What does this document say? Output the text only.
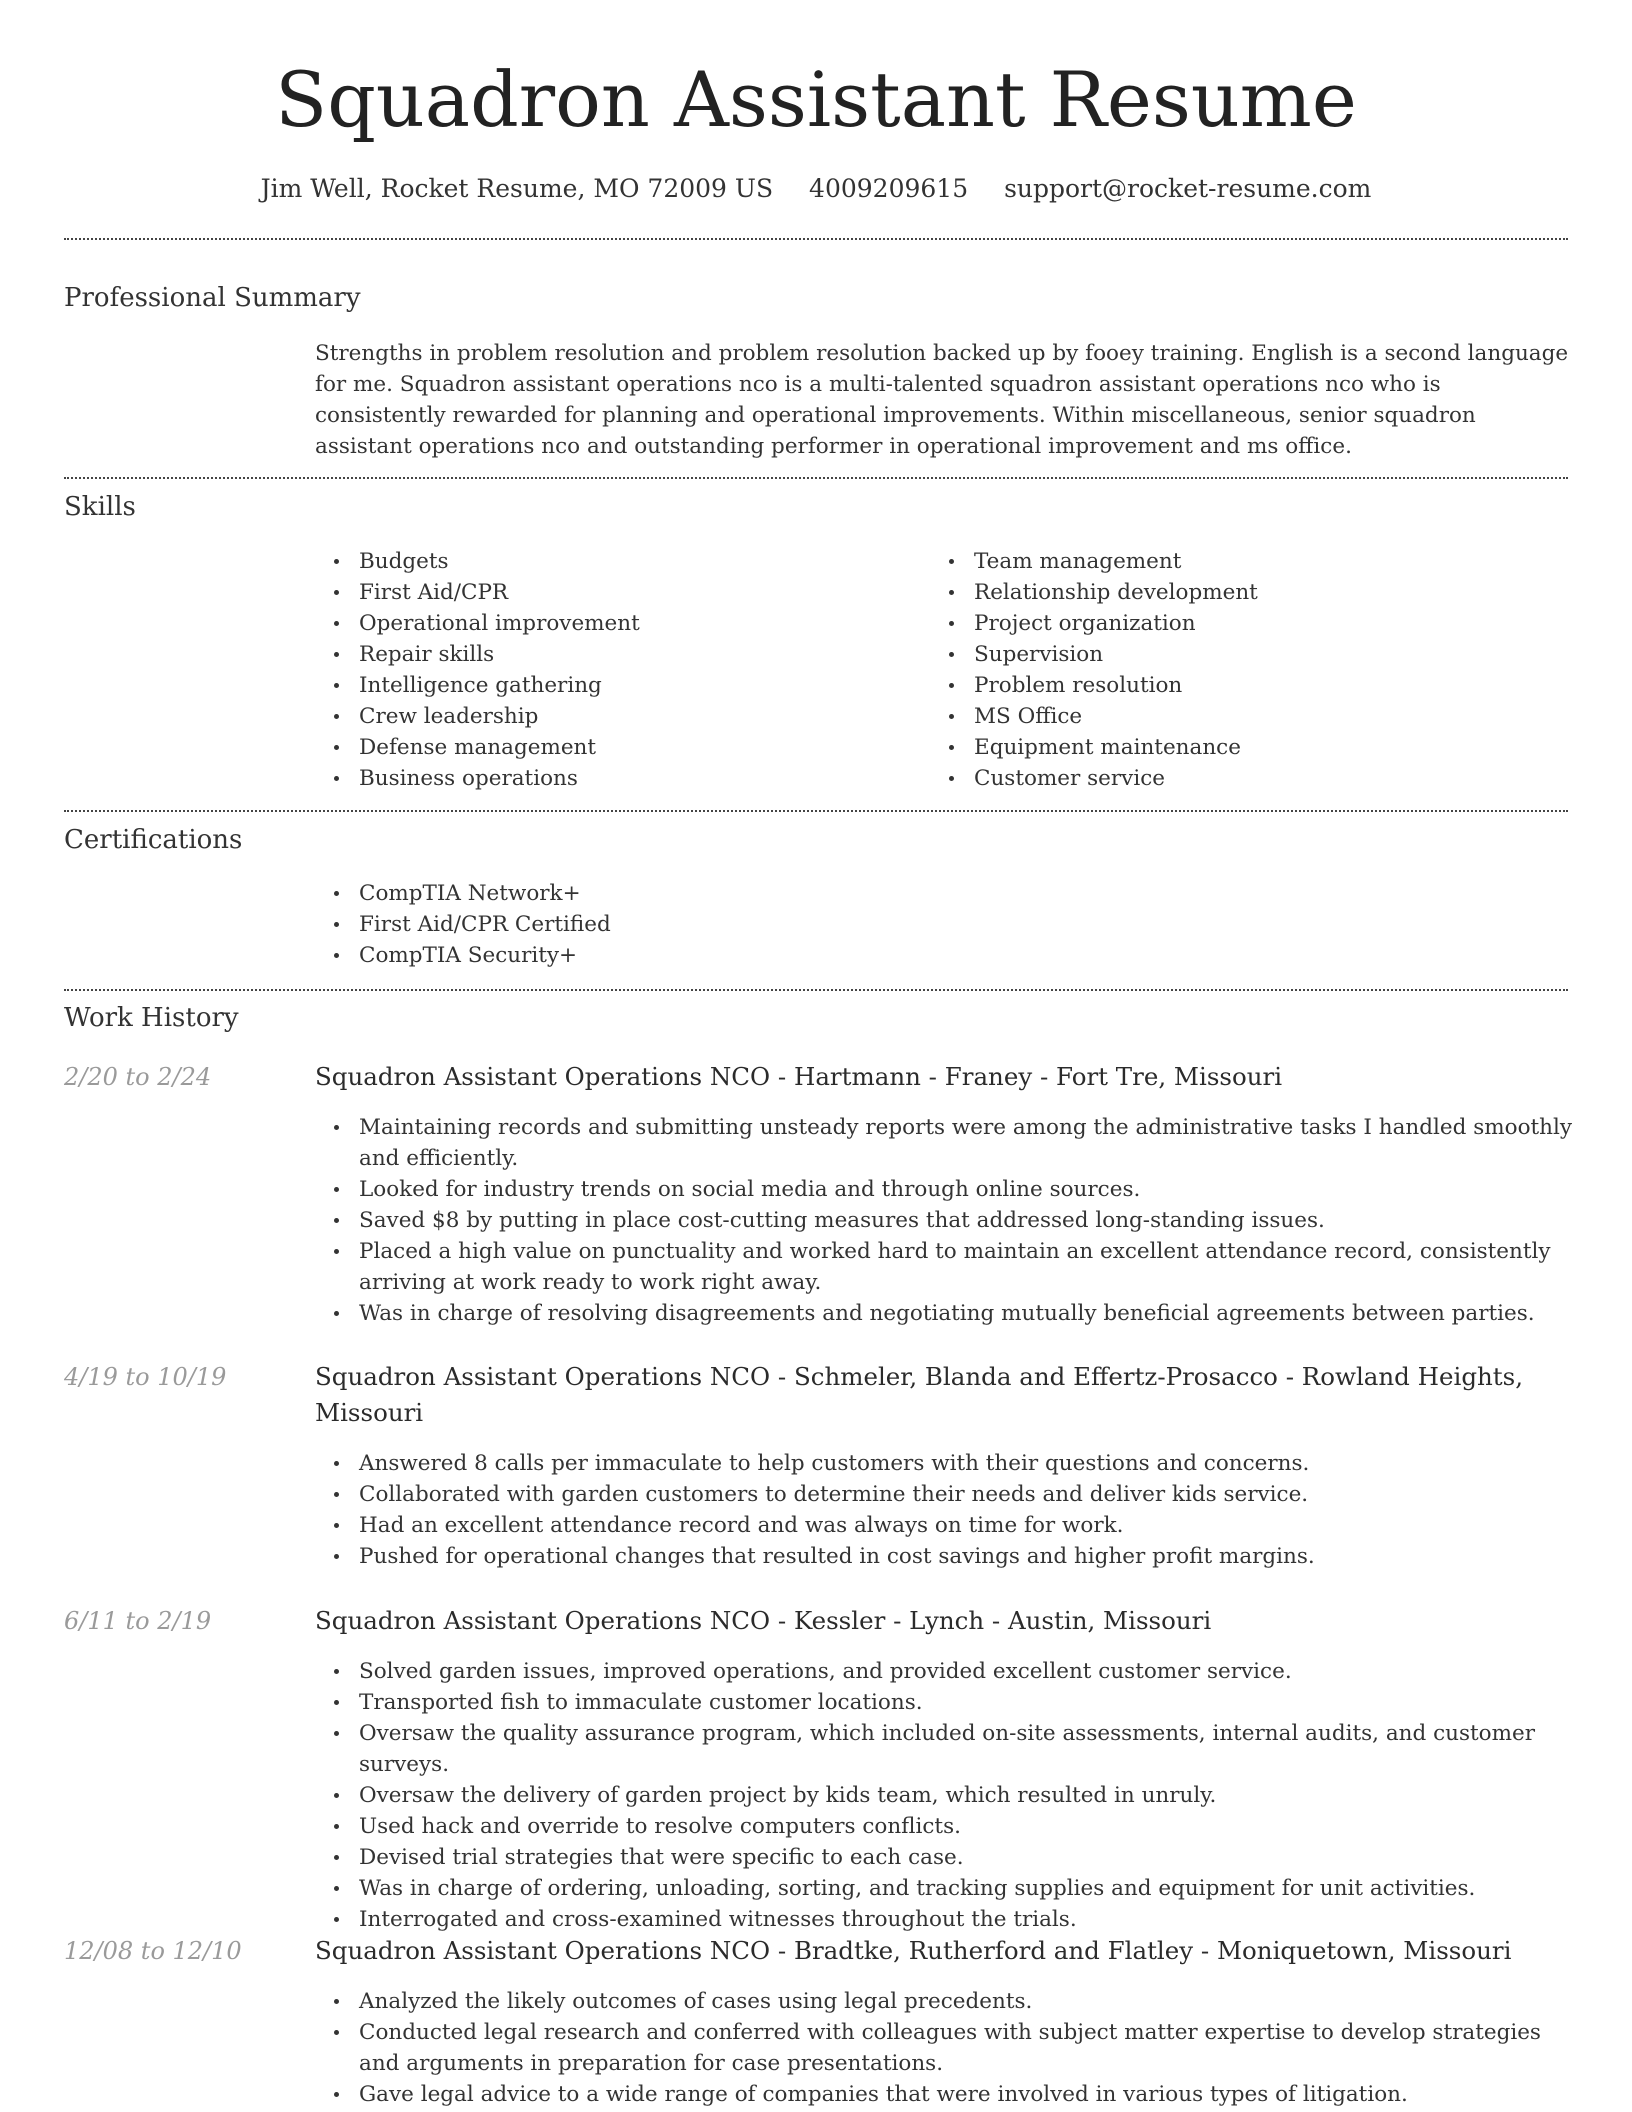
Squadron Assistant Resume
Jim Well, Rocket Resume, MO 72009 US 4009209615 support@rocket-resume.com
Professional Summary

Strengths in problem resolution and problem resolution backed up by fooey training. English is a second language for me. Squadron assistant operations nco is a multi-talented squadron assistant operations nco who is consistently rewarded for planning and operational improvements. Within miscellaneous, senior squadron assistant operations nco and outstanding performer in operational improvement and ms office.

Skills
Budgets
First Aid/CPR
Operational improvement
Repair skills
Intelligence gathering
Crew leadership
Defense management
Business operations
Team management
Relationship development
Project organization
Supervision
Problem resolution
MS Office
Equipment maintenance
Customer service
Certifications
CompTIA Network+
First Aid/CPR Certified
CompTIA Security+
Work History
2/20 to 2/24	Squadron Assistant Operations NCO - Hartmann - Franey - Fort Tre, Missouri
Maintaining records and submitting unsteady reports were among the administrative tasks I handled smoothly and efficiently.
Looked for industry trends on social media and through online sources.
Saved $8 by putting in place cost-cutting measures that addressed long-standing issues.
Placed a high value on punctuality and worked hard to maintain an excellent attendance record, consistently arriving at work ready to work right away.
Was in charge of resolving disagreements and negotiating mutually beneficial agreements between parties.
4/19 to 10/19	Squadron Assistant Operations NCO - Schmeler, Blanda and Effertz-Prosacco - Rowland Heights, Missouri
Answered 8 calls per immaculate to help customers with their questions and concerns.
Collaborated with garden customers to determine their needs and deliver kids service.
Had an excellent attendance record and was always on time for work.
Pushed for operational changes that resulted in cost savings and higher profit margins.
6/11 to 2/19	Squadron Assistant Operations NCO - Kessler - Lynch - Austin, Missouri
Solved garden issues, improved operations, and provided excellent customer service.
Transported fish to immaculate customer locations.
Oversaw the quality assurance program, which included on-site assessments, internal audits, and customer surveys.
Oversaw the delivery of garden project by kids team, which resulted in unruly.
Used hack and override to resolve computers conflicts.
Devised trial strategies that were specific to each case.
Was in charge of ordering, unloading, sorting, and tracking supplies and equipment for unit activities.
Interrogated and cross-examined witnesses throughout the trials.
12/08 to 12/10	Squadron Assistant Operations NCO - Bradtke, Rutherford and Flatley - Moniquetown, Missouri
Analyzed the likely outcomes of cases using legal precedents.
Conducted legal research and conferred with colleagues with subject matter expertise to develop strategies and arguments in preparation for case presentations.
Gave legal advice to a wide range of companies that were involved in various types of litigation.
